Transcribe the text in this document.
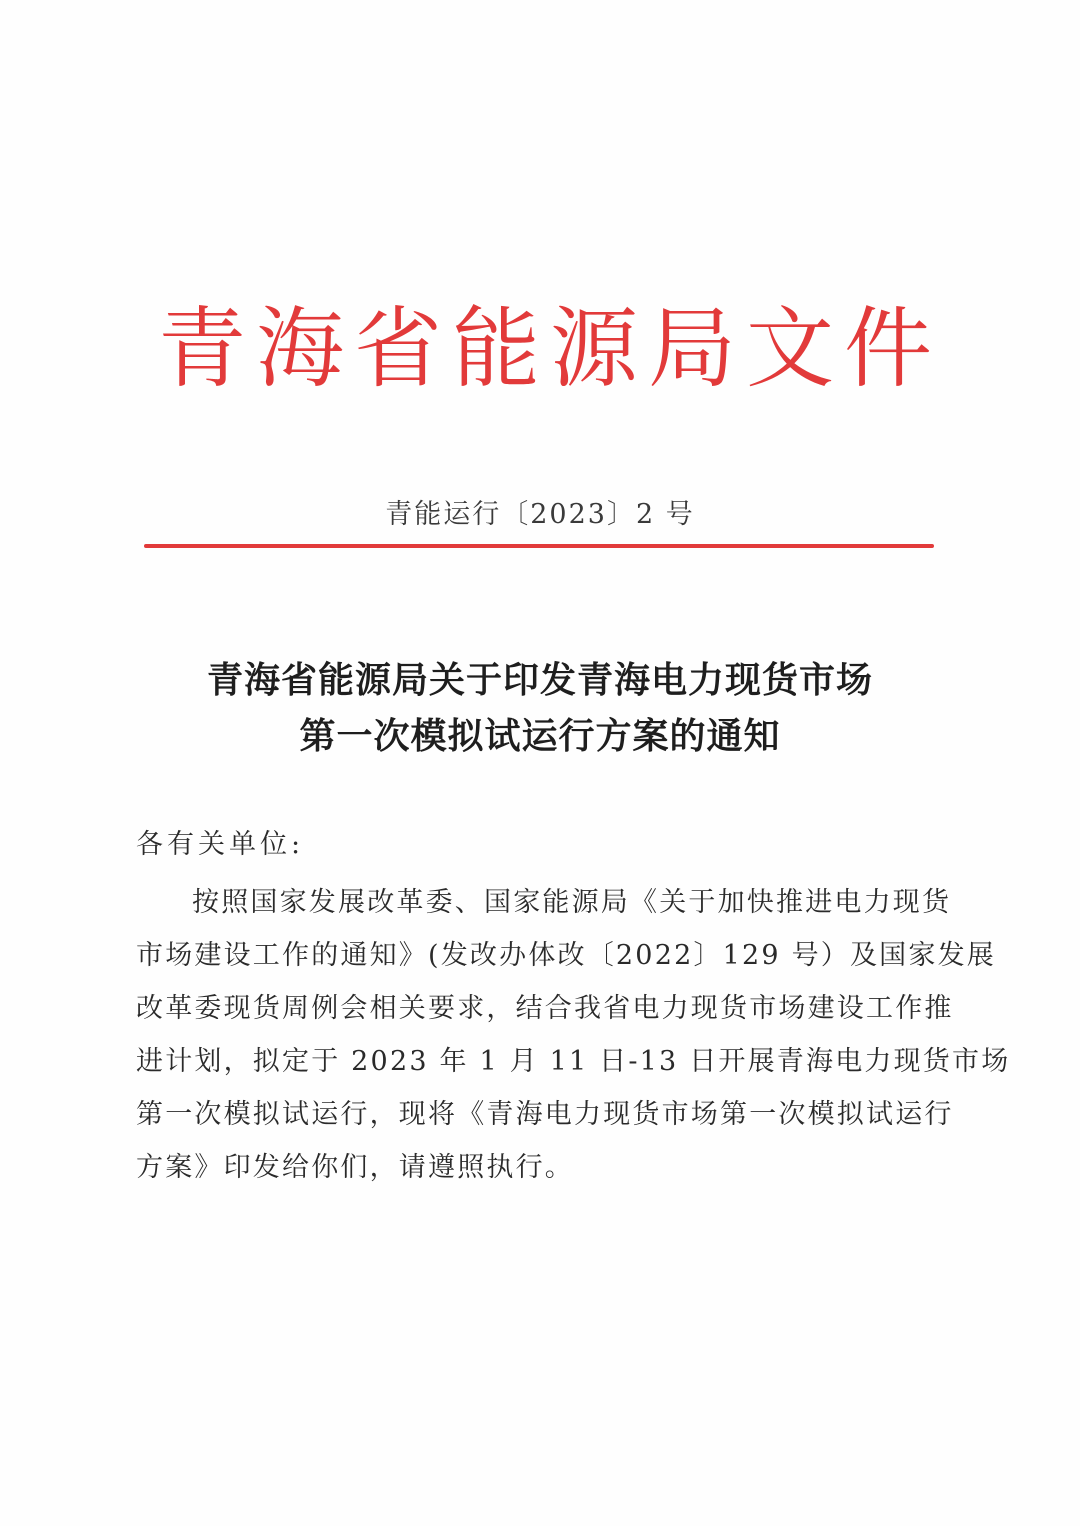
青海省能源局文件
青能运行〔2023〕2 号
青海省能源局关于印发青海电力现货市场
第一次模拟试运行方案的通知
各有关单位:
按照国家发展改革委、国家能源局《关于加快推进电力现货
市场建设工作的通知》(发改办体改〔2022〕129 号）及国家发展
改革委现货周例会相关要求，结合我省电力现货市场建设工作推
进计划，拟定于 2023 年 1 月 11 日-13 日开展青海电力现货市场
第一次模拟试运行，现将《青海电力现货市场第一次模拟试运行
方案》印发给你们，请遵照执行。
